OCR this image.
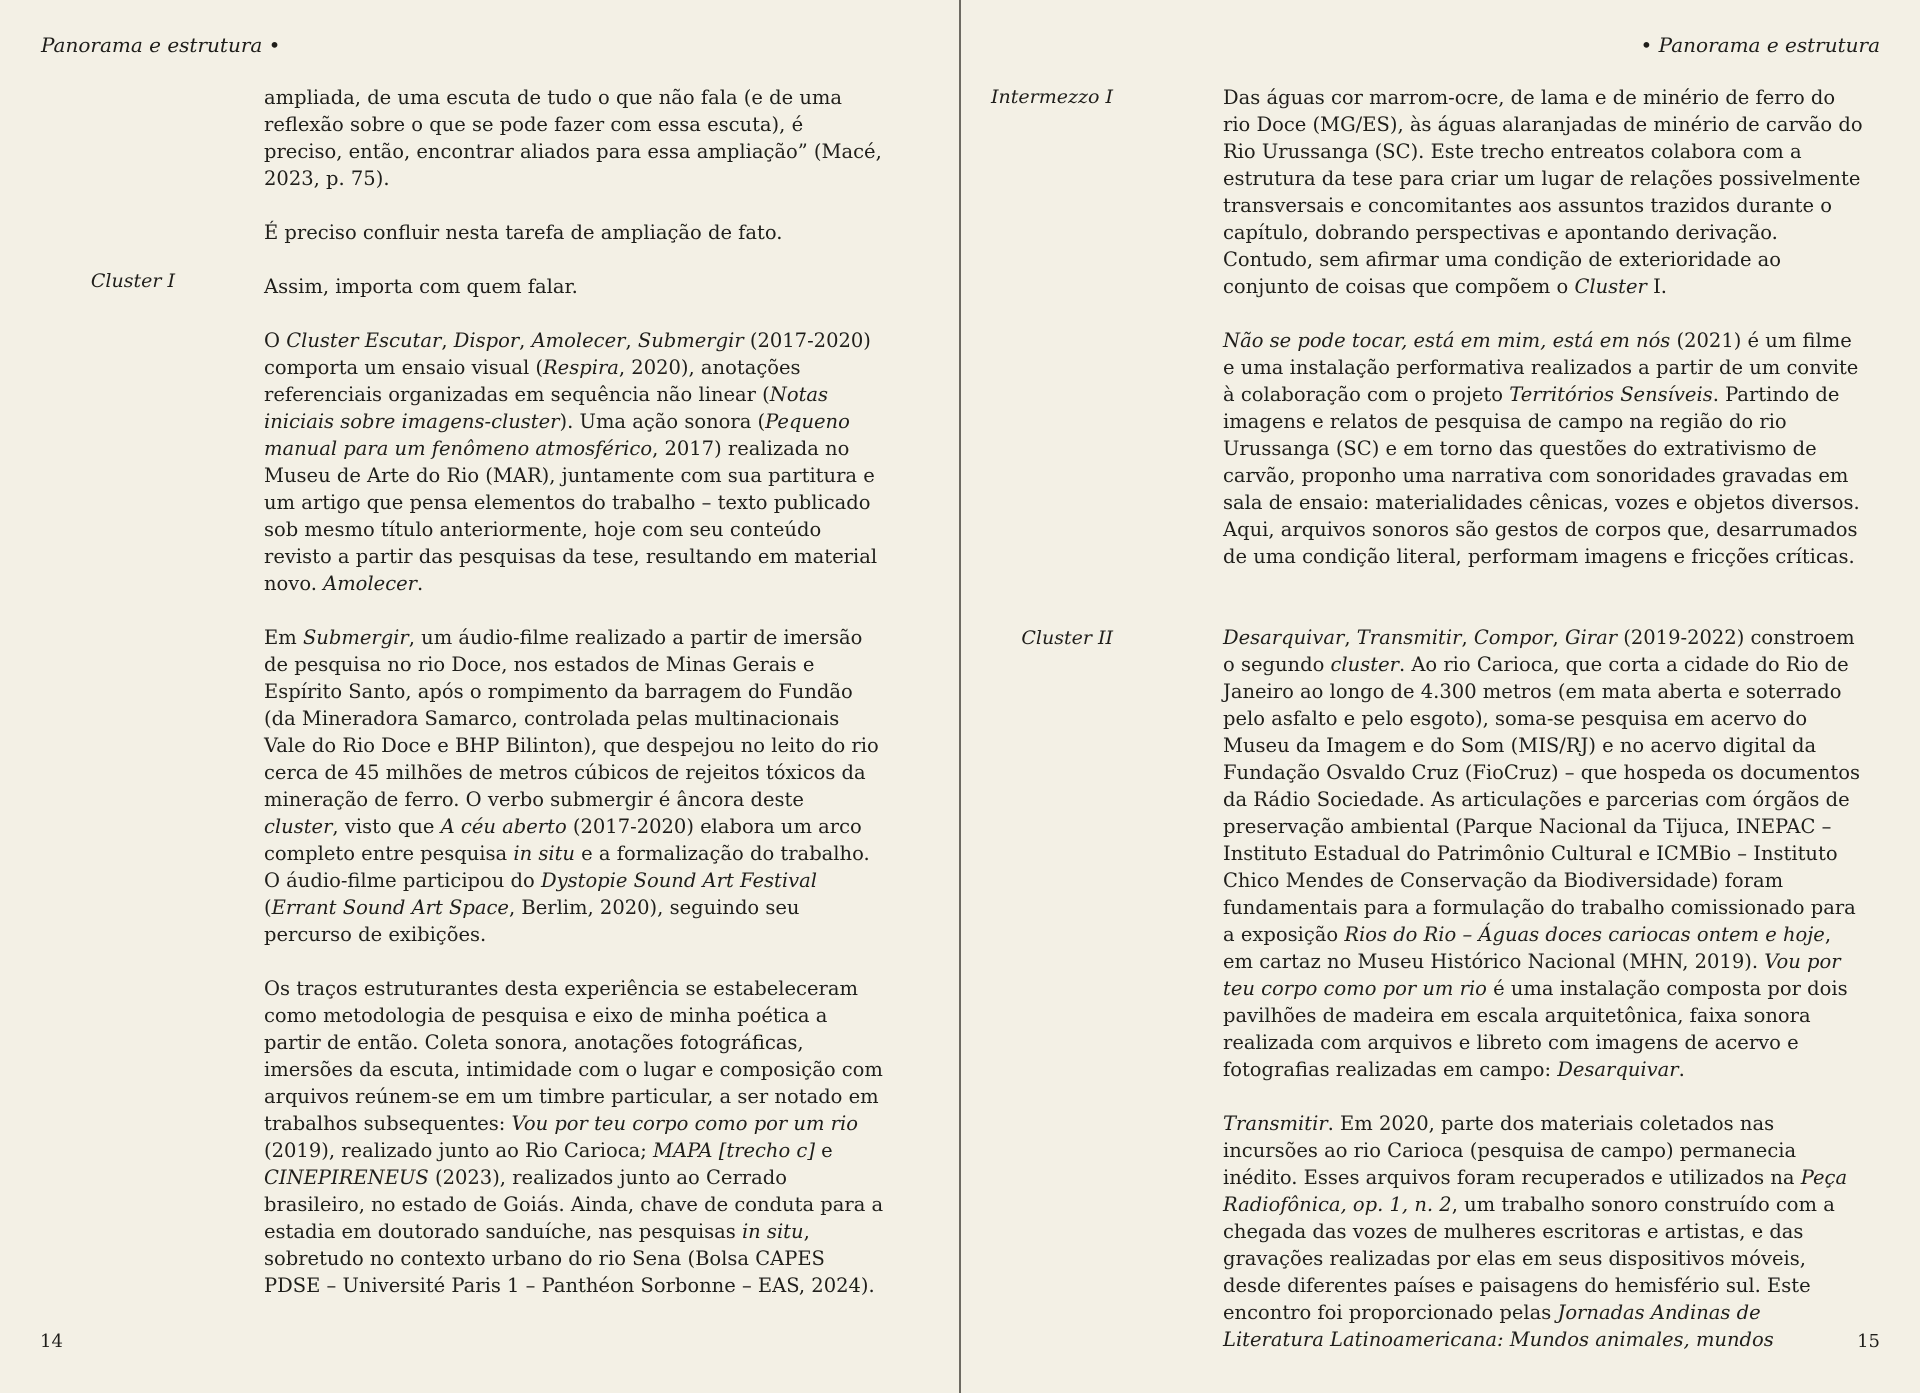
Panorama e estrutura •
Cluster I

ampliada, de uma escuta de tudo o que não fala (e de uma reflexão sobre o que se pode fazer com essa escuta), é preciso, então, encontrar aliados para essa ampliação” (Macé, 2023, p. 75).

É preciso confluir nesta tarefa de ampliação de fato.

Assim, importa com quem falar.

O Cluster Escutar, Dispor, Amolecer, Submergir (2017-2020) comporta um ensaio visual (Respira, 2020), anotações referenciais organizadas em sequência não linear (Notas iniciais sobre imagens-cluster). Uma ação sonora (Pequeno manual para um fenômeno atmosférico, 2017) realizada no Museu de Arte do Rio (MAR), juntamente com sua partitura e um artigo que pensa elementos do trabalho – texto publicado sob mesmo título anteriormente, hoje com seu conteúdo revisto a partir das pesquisas da tese, resultando em material novo. Amolecer.

Em Submergir, um áudio-filme realizado a partir de imersão de pesquisa no rio Doce, nos estados de Minas Gerais e Espírito Santo, após o rompimento da barragem do Fundão (da Mineradora Samarco, controlada pelas multinacionais Vale do Rio Doce e BHP Bilinton), que despejou no leito do rio cerca de 45 milhões de metros cúbicos de rejeitos tóxicos da mineração de ferro. O verbo submergir é âncora deste cluster, visto que A céu aberto (2017-2020) elabora um arco completo entre pesquisa in situ e a formalização do trabalho. O áudio-filme participou do Dystopie Sound Art Festival (Errant Sound Art Space, Berlim, 2020), seguindo seu percurso de exibições.

Os traços estruturantes desta experiência se estabeleceram como metodologia de pesquisa e eixo de minha poética a partir de então. Coleta sonora, anotações fotográficas, imersões da escuta, intimidade com o lugar e composição com arquivos reúnem-se em um timbre particular, a ser notado em trabalhos subsequentes: Vou por teu corpo como por um rio (2019), realizado junto ao Rio Carioca; MAPA [trecho c] e CINEPIRENEUS (2023), realizados junto ao Cerrado brasileiro, no estado de Goiás. Ainda, chave de conduta para a estadia em doutorado sanduíche, nas pesquisas in situ, sobretudo no contexto urbano do rio Sena (Bolsa CAPES PDSE – Université Paris 1 – Panthéon Sorbonne – EAS, 2024).

14
• Panorama e estrutura
Intermezzo I
Cluster II

Das águas cor marrom-ocre, de lama e de minério de ferro do rio Doce (MG/ES), às águas alaranjadas de minério de carvão do Rio Urussanga (SC). Este trecho entreatos colabora com a estrutura da tese para criar um lugar de relações possivelmente transversais e concomitantes aos assuntos trazidos durante o capítulo, dobrando perspectivas e apontando derivação. Contudo, sem afirmar uma condição de exterioridade ao conjunto de coisas que compõem o Cluster I.

Não se pode tocar, está em mim, está em nós (2021) é um filme e uma instalação performativa realizados a partir de um convite à colaboração com o projeto Territórios Sensíveis. Partindo de imagens e relatos de pesquisa de campo na região do rio Urussanga (SC) e em torno das questões do extrativismo de carvão, proponho uma narrativa com sonoridades gravadas em sala de ensaio: materialidades cênicas, vozes e objetos diversos. Aqui, arquivos sonoros são gestos de corpos que, desarrumados de uma condição literal, performam imagens e fricções críticas.

Desarquivar, Transmitir, Compor, Girar (2019-2022) constroem o segundo cluster. Ao rio Carioca, que corta a cidade do Rio de Janeiro ao longo de 4.300 metros (em mata aberta e soterrado pelo asfalto e pelo esgoto), soma-se pesquisa em acervo do Museu da Imagem e do Som (MIS/RJ) e no acervo digital da Fundação Osvaldo Cruz (FioCruz) – que hospeda os documentos da Rádio Sociedade. As articulações e parcerias com órgãos de preservação ambiental (Parque Nacional da Tijuca, INEPAC – Instituto Estadual do Patrimônio Cultural e ICMBio – Instituto Chico Mendes de Conservação da Biodiversidade) foram fundamentais para a formulação do trabalho comissionado para a exposição Rios do Rio – Águas doces cariocas ontem e hoje, em cartaz no Museu Histórico Nacional (MHN, 2019). Vou por teu corpo como por um rio é uma instalação composta por dois pavilhões de madeira em escala arquitetônica, faixa sonora realizada com arquivos e libreto com imagens de acervo e fotografias realizadas em campo: Desarquivar.

Transmitir. Em 2020, parte dos materiais coletados nas incursões ao rio Carioca (pesquisa de campo) permanecia inédito. Esses arquivos foram recuperados e utilizados na Peça Radiofônica, op. 1, n. 2, um trabalho sonoro construído com a chegada das vozes de mulheres escritoras e artistas, e das gravações realizadas por elas em seus dispositivos móveis, desde diferentes países e paisagens do hemisfério sul. Este encontro foi proporcionado pelas Jornadas Andinas de Literatura Latinoamericana: Mundos animales, mundos	15
